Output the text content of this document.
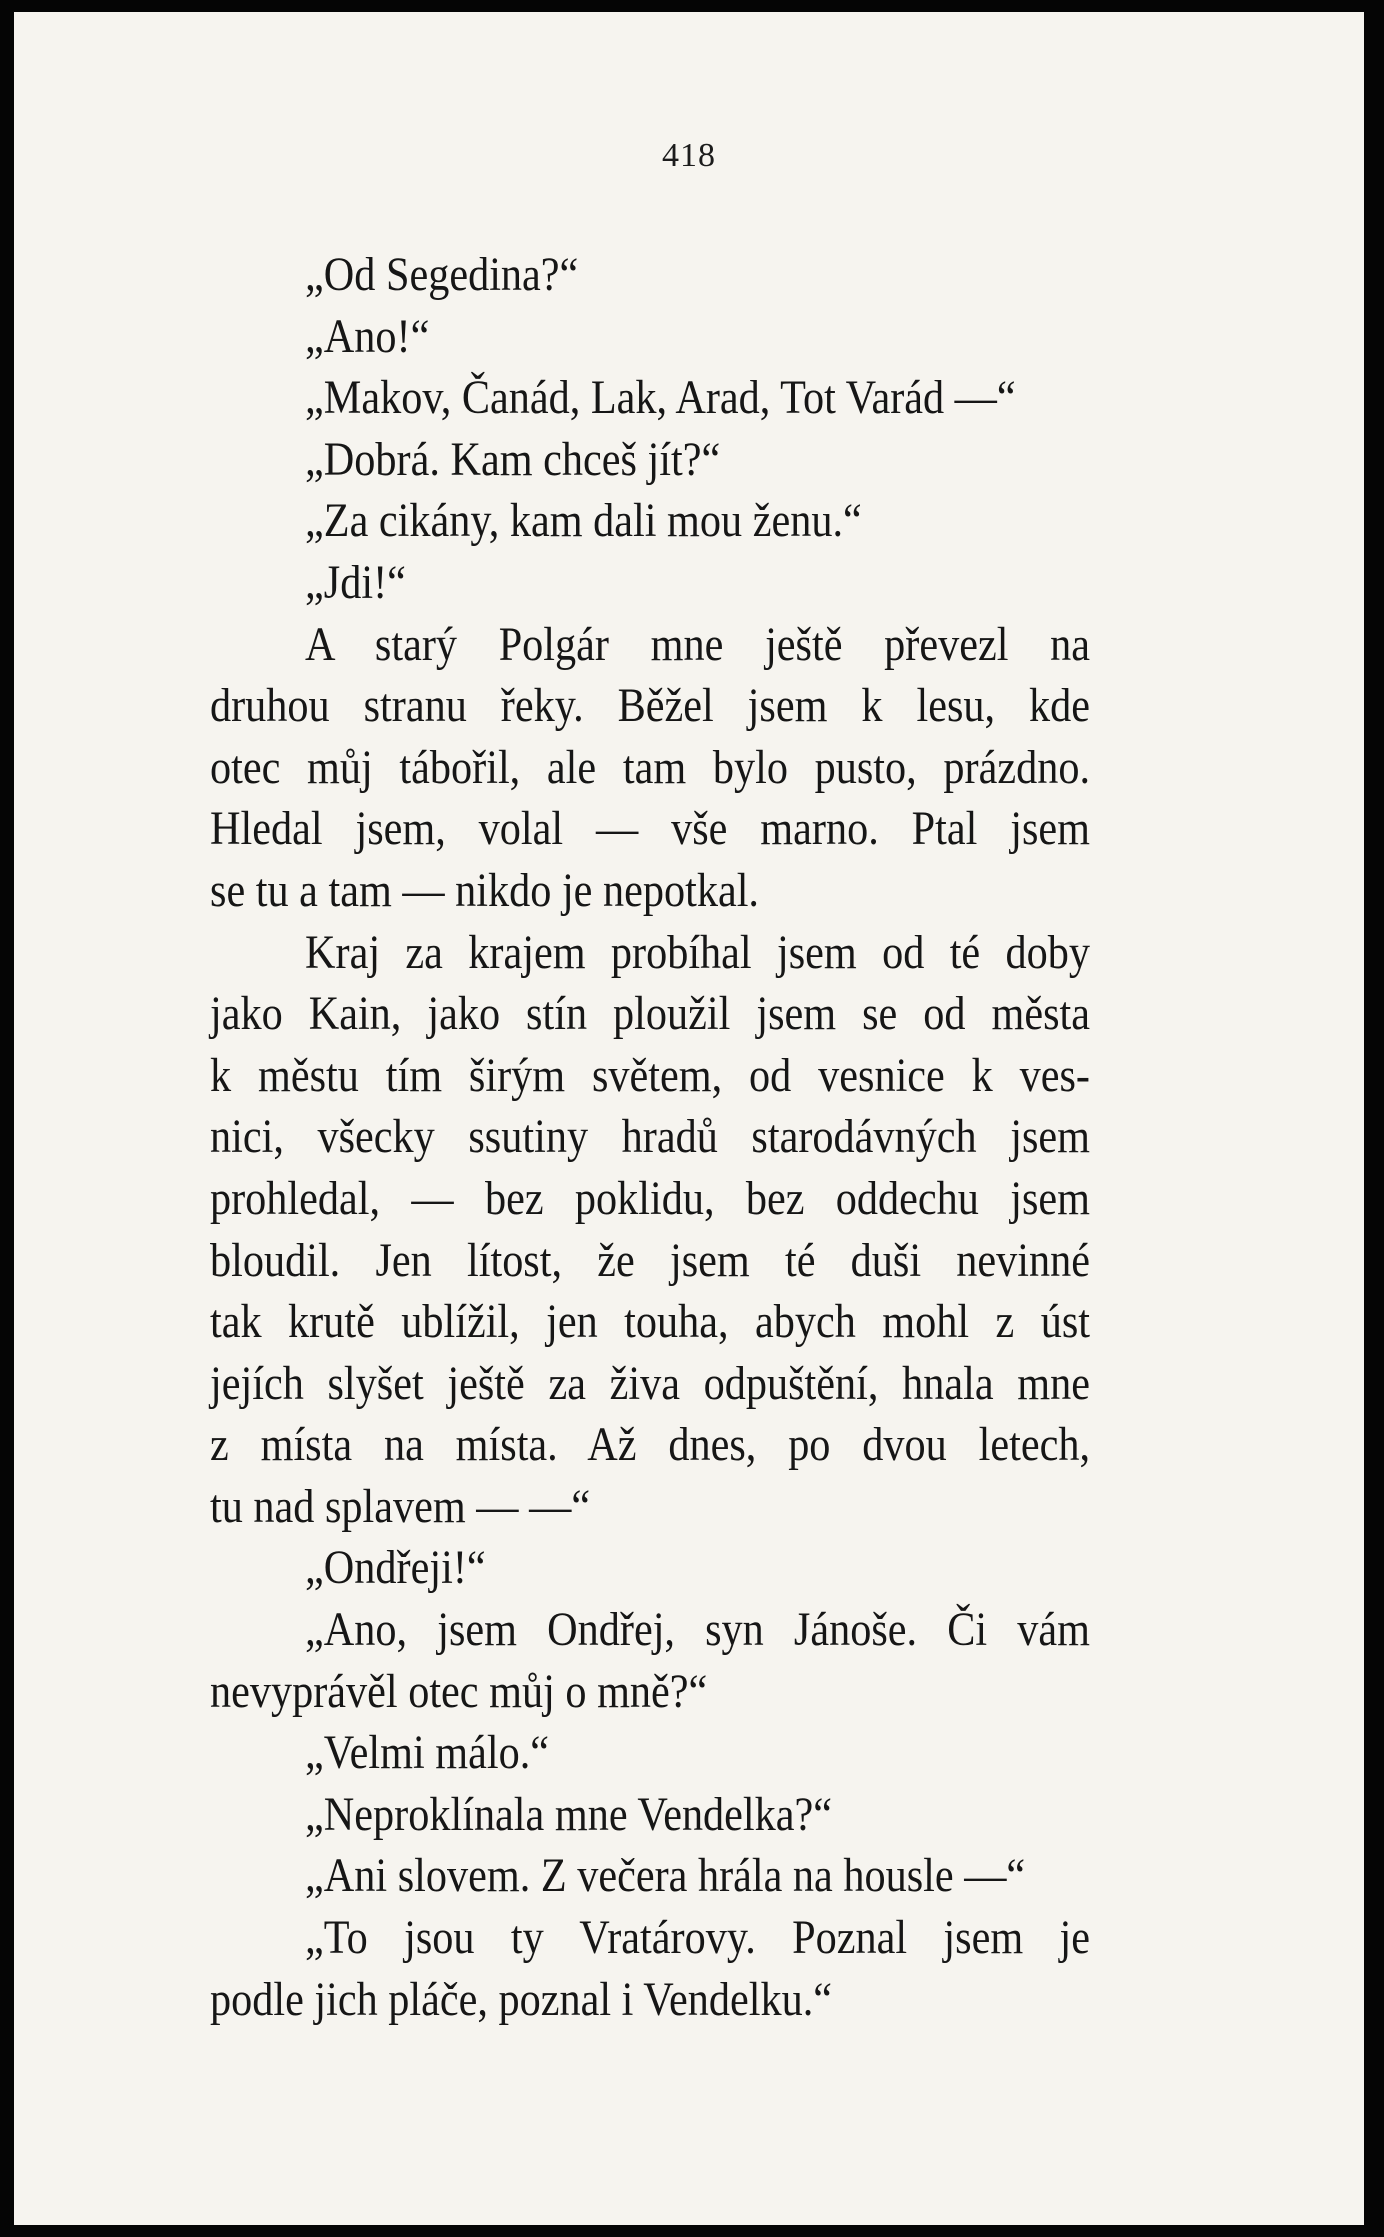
418
„Od Segedina?“
„Ano!“
„Makov, Čanád, Lak, Arad, Tot Varád —“
„Dobrá. Kam chceš jít?“
„Za cikány, kam dali mou ženu.“
„Jdi!“
A starý Polgár mne ještě převezl na
druhou stranu řeky. Běžel jsem k lesu, kde
otec můj tábořil, ale tam bylo pusto, prázdno.
Hledal jsem, volal — vše marno. Ptal jsem
se tu a tam — nikdo je nepotkal.
Kraj za krajem probíhal jsem od té doby
jako Kain, jako stín ploužil jsem se od města
k městu tím širým světem, od vesnice k ves-
nici, všecky ssutiny hradů starodávných jsem
prohledal, — bez poklidu, bez oddechu jsem
bloudil. Jen lítost, že jsem té duši nevinné
tak krutě ublížil, jen touha, abych mohl z úst
jejích slyšet ještě za živa odpuštění, hnala mne
z místa na místa. Až dnes, po dvou letech,
tu nad splavem — —“
„Ondřeji!“
„Ano, jsem Ondřej, syn Jánoše. Či vám
nevyprávěl otec můj o mně?“
„Velmi málo.“
„Neproklínala mne Vendelka?“
„Ani slovem. Z večera hrála na housle —“
„To jsou ty Vratárovy. Poznal jsem je
podle jich pláče, poznal i Vendelku.“
